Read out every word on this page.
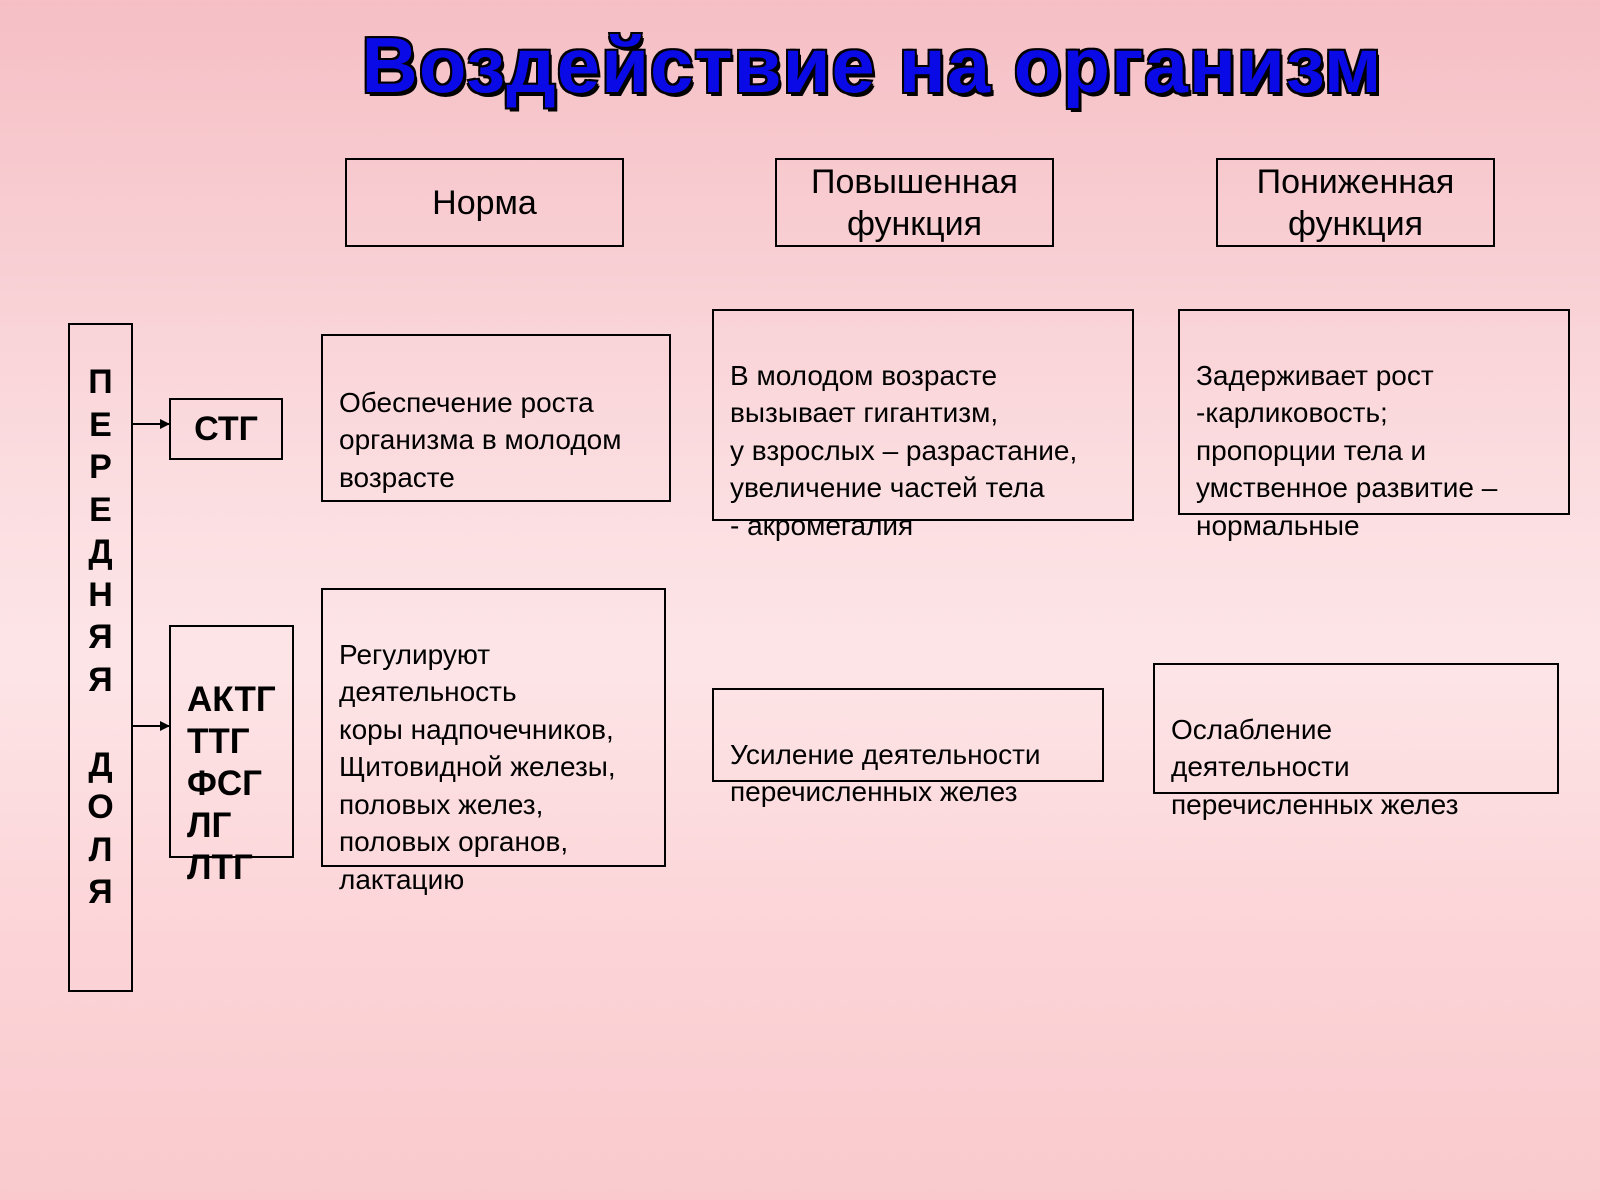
Воздействие на организм
Норма
Повышенная
функция
Пониженная
функция
П
Е
Р
Е
Д
Н
Я
Я
Д
О
Л
Я
СТГ

АКТГ
ТТГ
ФСГ
ЛГ
ЛТГ

Обеспечение роста
организма в молодом
возрасте

В молодом возрасте
вызывает гигантизм,
у взрослых – разрастание,
увеличение частей тела
- акромегалия

Задерживает рост
-карликовость;
пропорции тела и
умственное развитие –
нормальные

Регулируют
деятельность
коры надпочечников,
Щитовидной железы,
половых желез,
половых органов,
лактацию

Усиление деятельности
перечисленных желез

Ослабление
деятельности
перечисленных желез
